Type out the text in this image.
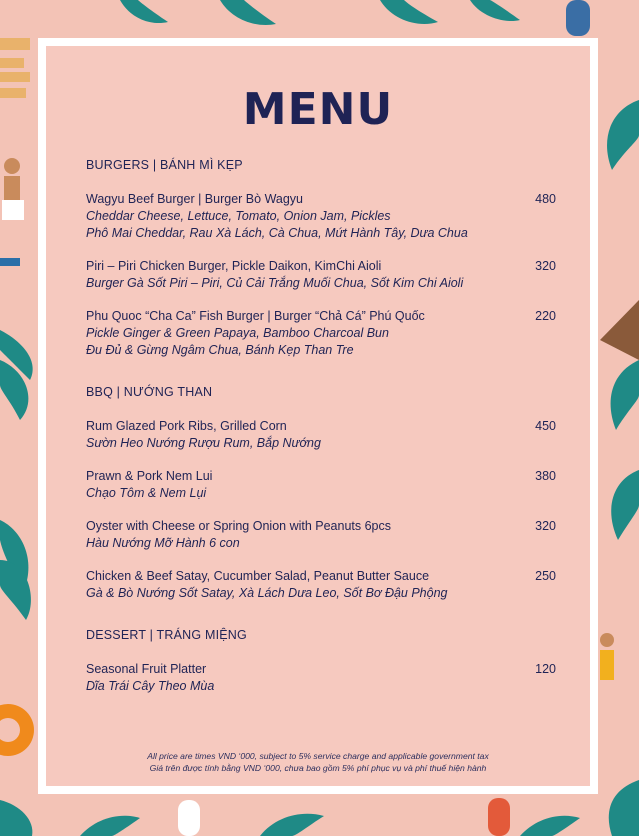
MENU
BURGERS | BÁNH MÌ KẸP
Wagyu Beef Burger | Burger Bò Wagyu
Cheddar Cheese, Lettuce, Tomato, Onion Jam, Pickles
Phô Mai Cheddar, Rau Xà Lách, Cà Chua, Mứt Hành Tây, Dưa Chua
480
Piri – Piri Chicken Burger, Pickle Daikon, KimChi Aioli
Burger Gà Sốt Piri – Piri, Củ Cải Trắng Muối Chua, Sốt Kim Chi Aioli
320
Phu Quoc “Cha Ca” Fish Burger | Burger “Chả Cá” Phú Quốc
Pickle Ginger & Green Papaya, Bamboo Charcoal Bun
Đu Đủ & Gừng Ngâm Chua, Bánh Kẹp Than Tre
220
BBQ | NƯỚNG THAN
Rum Glazed Pork Ribs, Grilled Corn
Sườn Heo Nướng Rượu Rum, Bắp Nướng
450
Prawn & Pork Nem Lui
Chạo Tôm & Nem Lụi
380
Oyster with Cheese or Spring Onion with Peanuts 6pcs
Hàu Nướng Mỡ Hành 6 con
320
Chicken & Beef Satay, Cucumber Salad, Peanut Butter Sauce
Gà & Bò Nướng Sốt Satay, Xà Lách Dưa Leo, Sốt Bơ Đậu Phộng
250
DESSERT | TRÁNG MIỆNG
Seasonal Fruit Platter
Dĩa Trái Cây Theo Mùa
120
All price are times VND ‘000, subject to 5% service charge and applicable government tax
Giá trên được tính bằng VND ‘000, chưa bao gồm 5% phí phục vụ và phí thuế hiện hành
